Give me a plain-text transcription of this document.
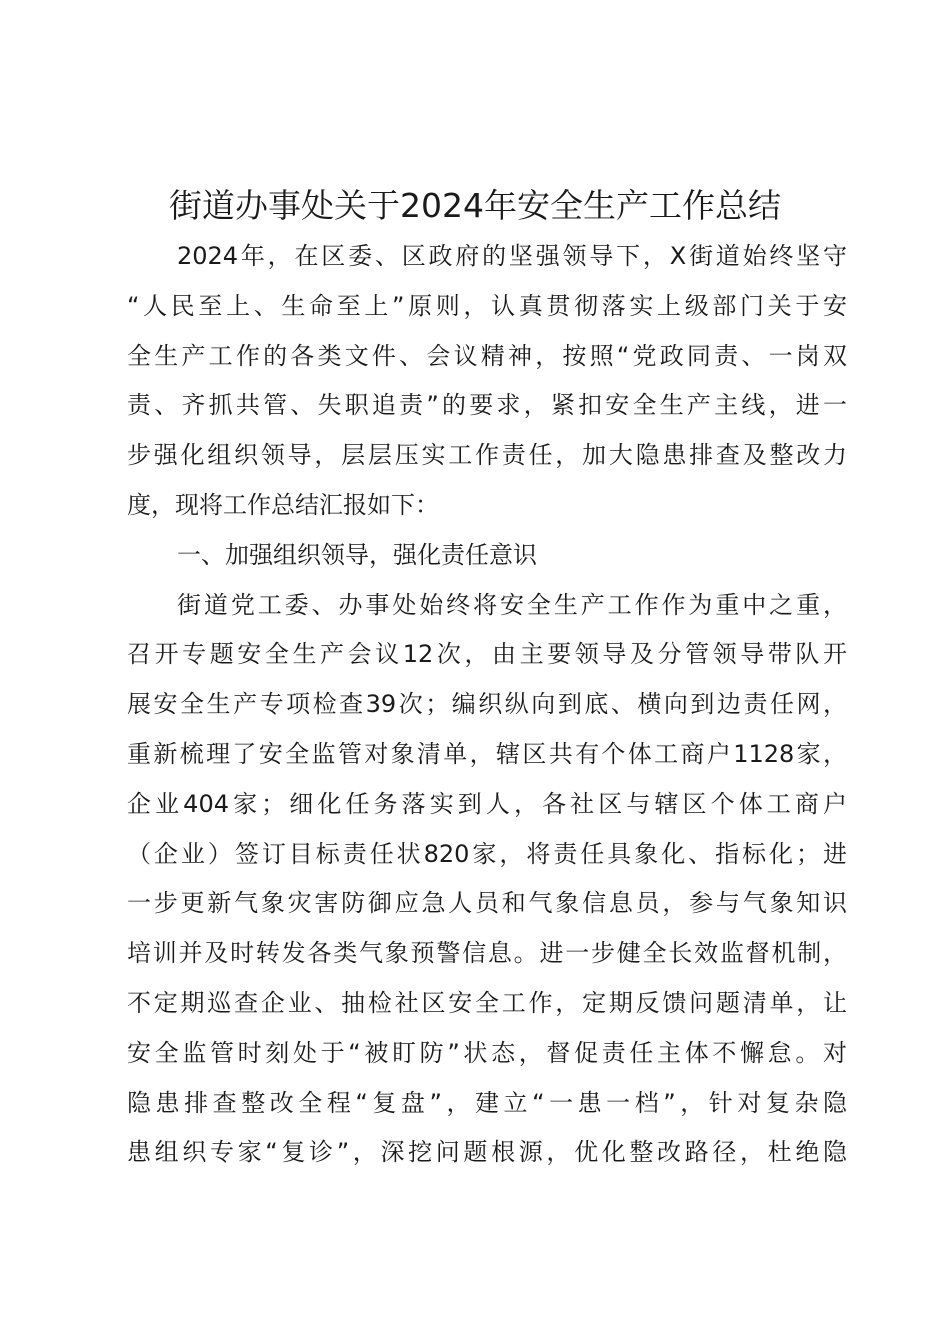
街道办事处关于2024年安全生产工作总结
2024年，在区委、区政府的坚强领导下，X街道始终坚守
“人民至上、生命至上”原则，认真贯彻落实上级部门关于安
全生产工作的各类文件、会议精神，按照“党政同责、一岗双
责、齐抓共管、失职追责”的要求，紧扣安全生产主线，进一
步强化组织领导，层层压实工作责任，加大隐患排查及整改力
度，现将工作总结汇报如下：
一、加强组织领导，强化责任意识
街道党工委、办事处始终将安全生产工作作为重中之重，
召开专题安全生产会议12次，由主要领导及分管领导带队开
展安全生产专项检查39次；编织纵向到底、横向到边责任网，
重新梳理了安全监管对象清单，辖区共有个体工商户1128家，
企业404家；细化任务落实到人，各社区与辖区个体工商户
（企业）签订目标责任状820家，将责任具象化、指标化；进
一步更新气象灾害防御应急人员和气象信息员，参与气象知识
培训并及时转发各类气象预警信息。进一步健全长效监督机制，
不定期巡查企业、抽检社区安全工作，定期反馈问题清单，让
安全监管时刻处于“被盯防”状态，督促责任主体不懈怠。对
隐患排查整改全程“复盘”，建立“一患一档”，针对复杂隐
患组织专家“复诊”，深挖问题根源，优化整改路径，杜绝隐
